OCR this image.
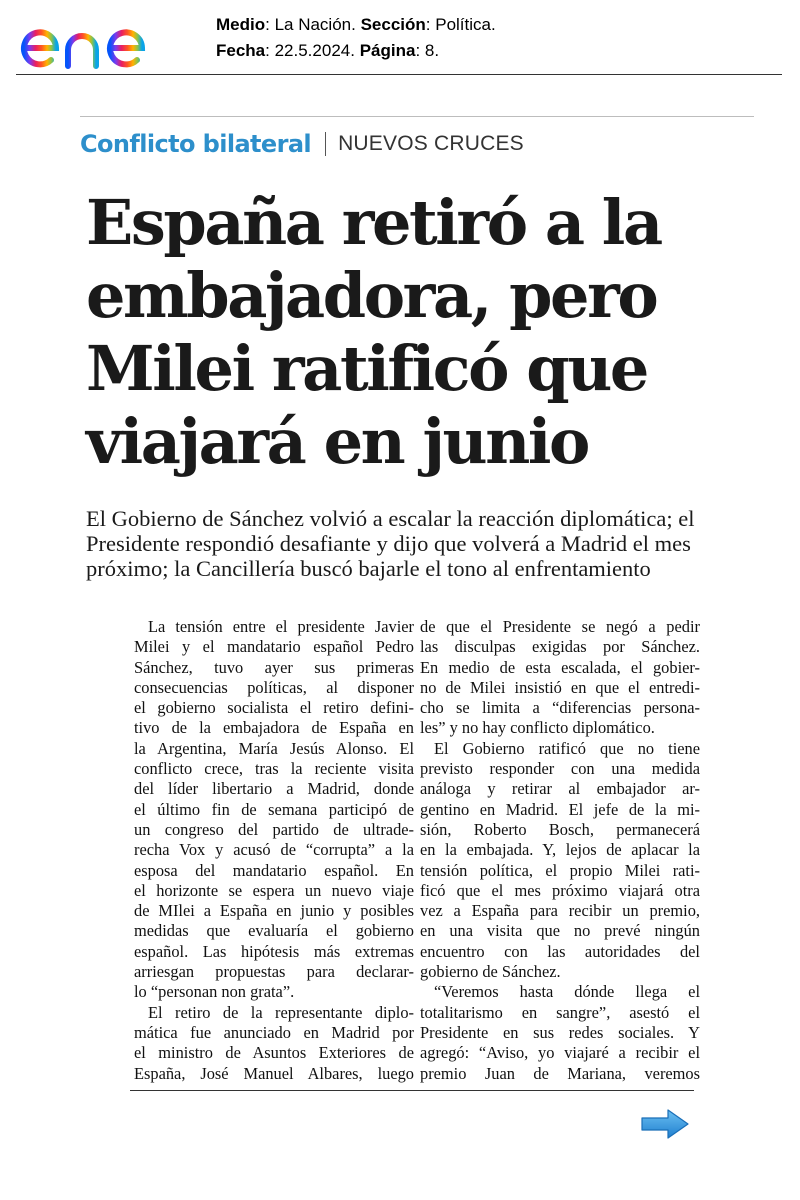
Medio: La Nación. Sección: Política.
Fecha: 22.5.2024. Página: 8.
Conflicto bilateral NUEVOS CRUCES
España retiró a la
embajadora, pero
Milei ratificó que
viajará en junio
El Gobierno de Sánchez volvió a escalar la reacción diplomática; el
Presidente respondió desafiante y dijo que volverá a Madrid el mes
próximo; la Cancillería buscó bajarle el tono al enfrentamiento
La tensión entre el presidente Javier
Milei y el mandatario español Pedro
Sánchez, tuvo ayer sus primeras
consecuencias políticas, al disponer
el gobierno socialista el retiro defini-
tivo de la embajadora de España en
la Argentina, María Jesús Alonso. El
conflicto crece, tras la reciente visita
del líder libertario a Madrid, donde
el último fin de semana participó de
un congreso del partido de ultrade-
recha Vox y acusó de “corrupta” a la
esposa del mandatario español. En
el horizonte se espera un nuevo viaje
de MIlei a España en junio y posibles
medidas que evaluaría el gobierno
español. Las hipótesis más extremas
arriesgan propuestas para declarar-
lo “personan non grata”.
El retiro de la representante diplo-
mática fue anunciado en Madrid por
el ministro de Asuntos Exteriores de
España, José Manuel Albares, luego
de que el Presidente se negó a pedir
las disculpas exigidas por Sánchez.
En medio de esta escalada, el gobier-
no de Milei insistió en que el entredi-
cho se limita a “diferencias persona-
les” y no hay conflicto diplomático.
El Gobierno ratificó que no tiene
previsto responder con una medida
análoga y retirar al embajador ar-
gentino en Madrid. El jefe de la mi-
sión, Roberto Bosch, permanecerá
en la embajada. Y, lejos de aplacar la
tensión política, el propio Milei rati-
ficó que el mes próximo viajará otra
vez a España para recibir un premio,
en una visita que no prevé ningún
encuentro con las autoridades del
gobierno de Sánchez.
“Veremos hasta dónde llega el
totalitarismo en sangre”, asestó el
Presidente en sus redes sociales. Y
agregó: “Aviso, yo viajaré a recibir el
premio Juan de Mariana, veremos
